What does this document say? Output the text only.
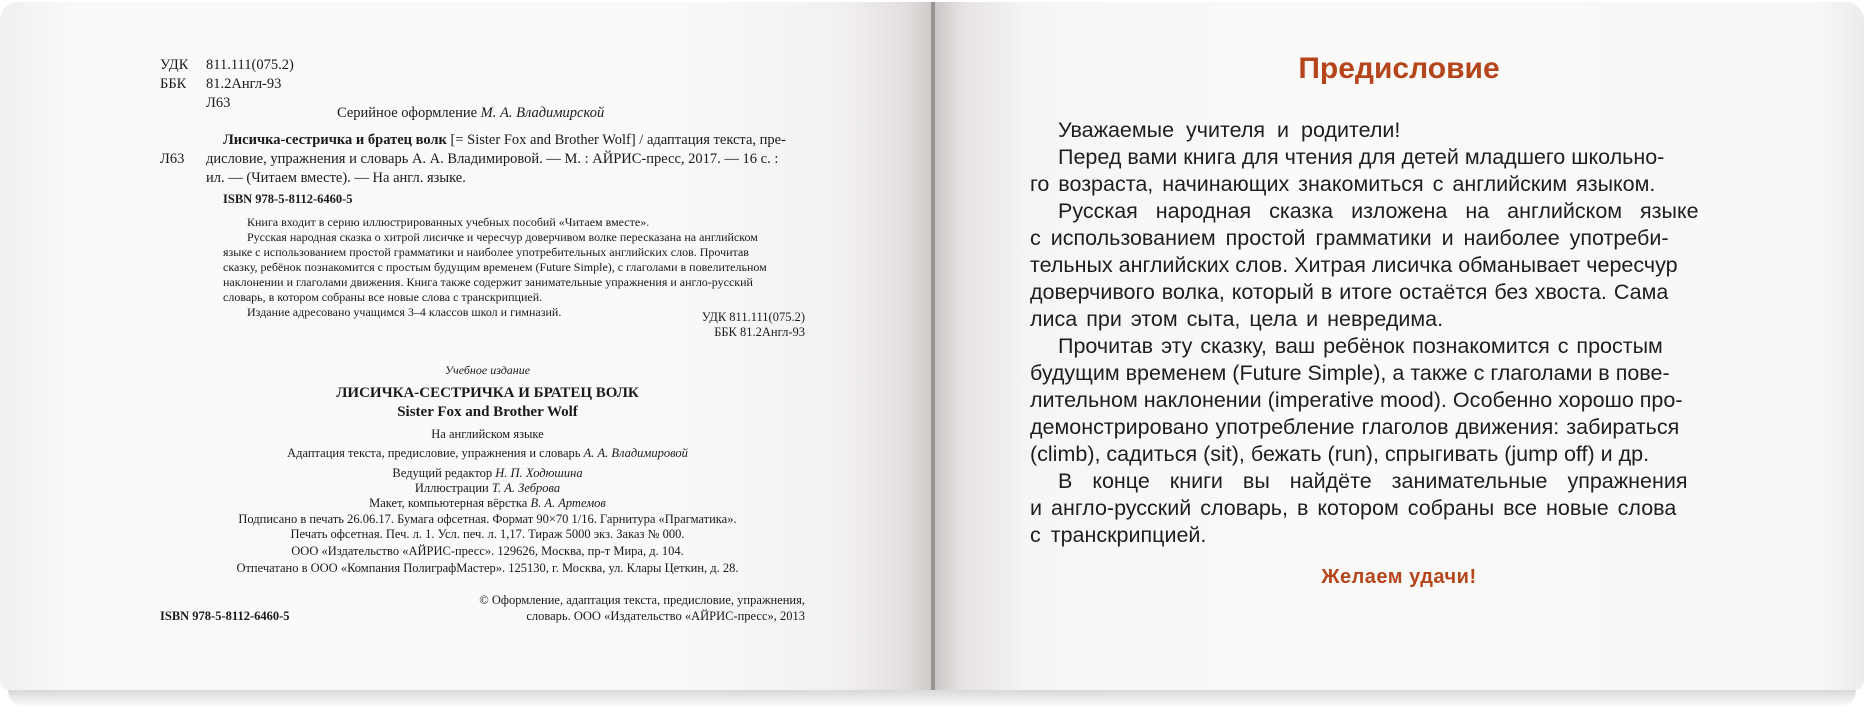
УДК 811.111(075.2)
ББК 81.2Англ-93
Л63
Серийное оформление М. А. Владимирской
Лисичка-сестричка и братец волк [= Sister Fox and Brother Wolf] / адаптация текста, пре-
Л63 дисловие, упражнения и словарь А. А. Владимировой. — М. : АЙРИС-пресс, 2017. — 16 с. :
ил. — (Читаем вместе). — На англ. языке.
ISBN 978-5-8112-6460-5
Книга входит в серию иллюстрированных учебных пособий «Читаем вместе».
Русская народная сказка о хитрой лисичке и чересчур доверчивом волке пересказана на английском
языке с использованием простой грамматики и наиболее употребительных английских слов. Прочитав
сказку, ребёнок познакомится с простым будущим временем (Future Simple), с глаголами в повелительном
наклонении и глаголами движения. Книга также содержит занимательные упражнения и англо-русский
словарь, в котором собраны все новые слова с транскрипцией.
Издание адресовано учащимся 3–4 классов школ и гимназий.	УДК 811.111(075.2)
ББК 81.2Англ-93
Учебное издание
ЛИСИЧКА-СЕСТРИЧКА И БРАТЕЦ ВОЛК
Sister Fox and Brother Wolf
На английском языке
Адаптация текста, предисловие, упражнения и словарь А. А. Владимировой
Ведущий редактор Н. П. Ходюшина
Иллюстрации Т. А. Зеброва
Макет, компьютерная вёрстка В. А. Артемов
Подписано в печать 26.06.17. Бумага офсетная. Формат 90×70 1/16. Гарнитура «Прагматика».
Печать офсетная. Печ. л. 1. Усл. печ. л. 1,17. Тираж 5000 экз. Заказ № 000.
ООО «Издательство «АЙРИС-пресс». 129626, Москва, пр-т Мира, д. 104.
Отпечатано в ООО «Компания ПолиграфМастер». 125130, г. Москва, ул. Клары Цеткин, д. 28.
ISBN 978-5-8112-6460-5
© Оформление, адаптация текста, предисловие, упражнения,
словарь. ООО «Издательство «АЙРИС-пресс», 2013
Предисловие
Уважаемые учителя и родители!
Перед вами книга для чтения для детей младшего школьно-
го возраста, начинающих знакомиться с английским языком.
Русская народная сказка изложена на английском языке
с использованием простой грамматики и наиболее употреби-
тельных английских слов. Хитрая лисичка обманывает чересчур
доверчивого волка, который в итоге остаётся без хвоста. Сама
лиса при этом сыта, цела и невредима.
Прочитав эту сказку, ваш ребёнок познакомится с простым
будущим временем (Future Simple), а также с глаголами в пове-
лительном наклонении (imperative mood). Особенно хорошо про-
демонстрировано употребление глаголов движения: забираться
(climb), садиться (sit), бежать (run), спрыгивать (jump off) и др.
В конце книги вы найдёте занимательные упражнения
и англо-русский словарь, в котором собраны все новые слова
с транскрипцией.
Желаем удачи!
